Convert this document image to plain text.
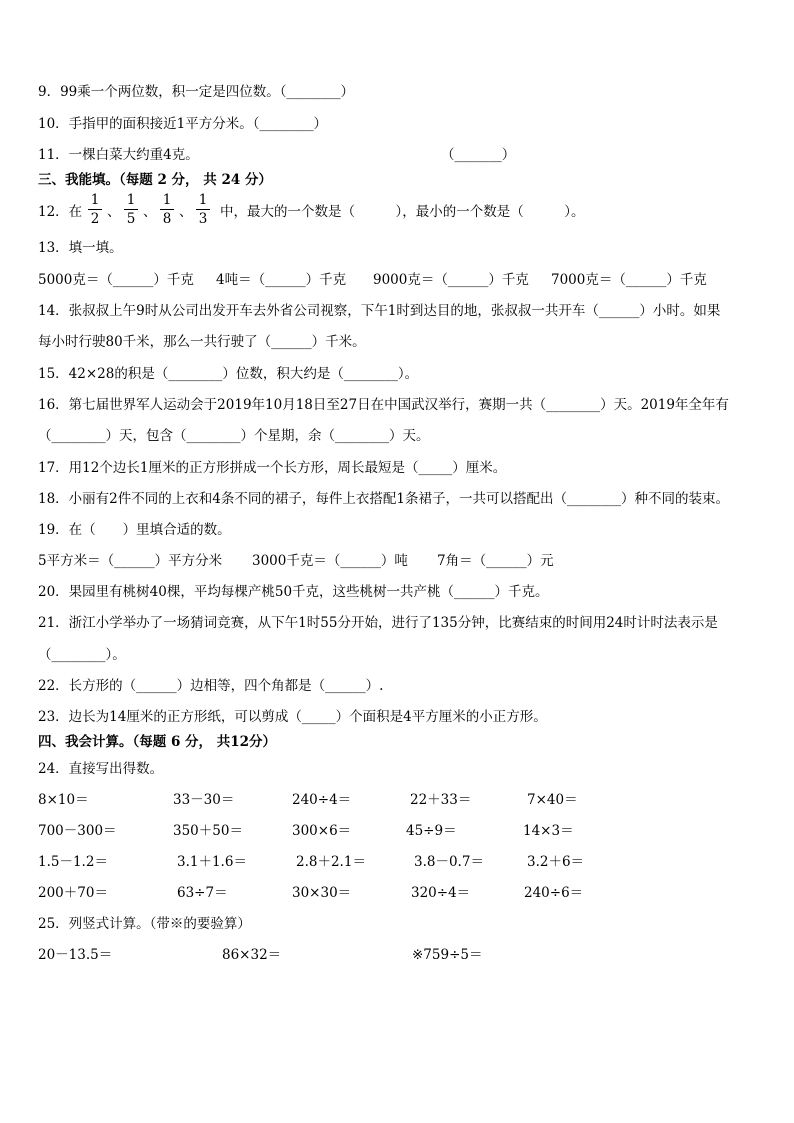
9．99乘一个两位数，积一定是四位数。（________）
10．手指甲的面积接近1平方分米。（________）
11．一棵白菜大约重4克。	（_______）
三、我能填。（每题 2 分， 共 24 分）
12．在
1
2 、
1
5 、
1
8 、
1
3 中，最大的一个数是（　　　），最小的一个数是（　　　）。
13．填一填。
5000克＝（______）千克 4吨＝（______）千克 9000克＝（______）千克 7000克＝（______）千克
14．张叔叔上午9时从公司出发开车去外省公司视察，下午1时到达目的地，张叔叔一共开车（______）小时。如果
每小时行驶80千米，那么一共行驶了（______）千米。
15．42×28的积是（________）位数，积大约是（________）。
16．第七届世界军人运动会于2019年10月18日至27日在中国武汉举行，赛期一共（________）天。2019年全年有
（________）天，包含（________）个星期，余（________）天。
17．用12个边长1厘米的正方形拼成一个长方形，周长最短是（_____）厘米。
18．小丽有2件不同的上衣和4条不同的裙子，每件上衣搭配1条裙子，一共可以搭配出（________）种不同的装束。
19．在（　　）里填合适的数。
5平方米＝（______）平方分米 3000千克＝（______）吨 7角＝（______）元
20．果园里有桃树40棵，平均每棵产桃50千克，这些桃树一共产桃（______）千克。
21．浙江小学举办了一场猜词竞赛，从下午1时55分开始，进行了135分钟，比赛结束的时间用24时计时法表示是
（________）。
22．长方形的（______）边相等，四个角都是（______）.
23．边长为14厘米的正方形纸，可以剪成（_____）个面积是4平方厘米的小正方形。
四、我会计算。（每题 6 分， 共12分）
24．直接写出得数。
8×10＝	33－30＝	240÷4＝	22＋33＝	7×40＝
700－300＝	350＋50＝	300×6＝	45÷9＝	14×3＝
1.5－1.2＝	3.1＋1.6＝	2.8＋2.1＝	3.8－0.7＝	3.2＋6＝
200＋70＝	63÷7＝	30×30＝	320÷4＝	240÷6＝
25．列竖式计算。（带※的要验算）
20－13.5＝	86×32＝	※759÷5＝
